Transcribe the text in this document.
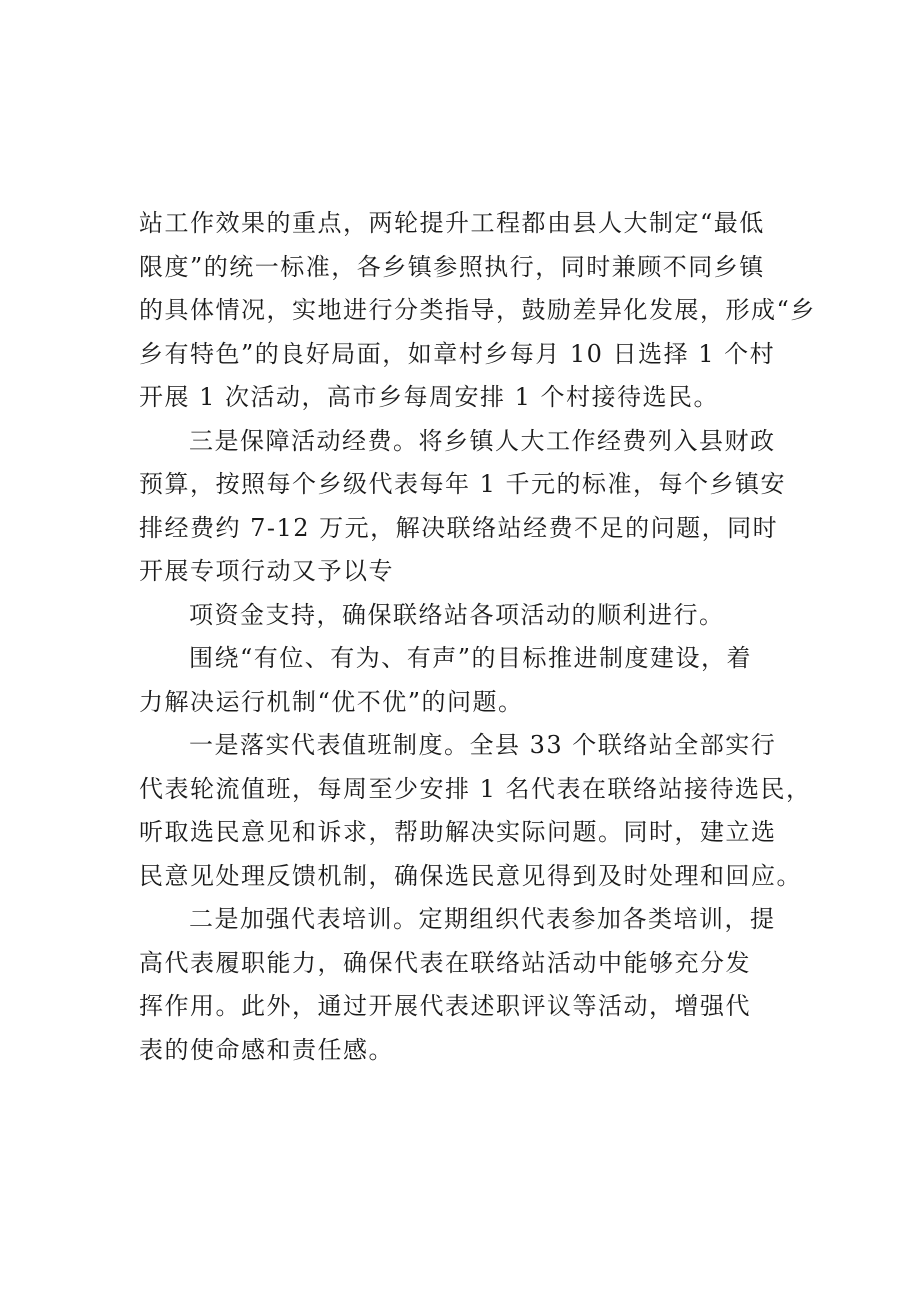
站工作效果的重点，两轮提升工程都由县人大制定“最低
限度”的统一标准，各乡镇参照执行，同时兼顾不同乡镇
的具体情况，实地进行分类指导，鼓励差异化发展，形成“乡
乡有特色”的良好局面，如章村乡每月 10 日选择 1 个村
开展 1 次活动，高市乡每周安排 1 个村接待选民。
三是保障活动经费。将乡镇人大工作经费列入县财政
预算，按照每个乡级代表每年 1 千元的标准，每个乡镇安
排经费约 7-12 万元，解决联络站经费不足的问题，同时
开展专项行动又予以专
项资金支持，确保联络站各项活动的顺利进行。
围绕“有位、有为、有声”的目标推进制度建设，着
力解决运行机制“优不优”的问题。
一是落实代表值班制度。全县 33 个联络站全部实行
代表轮流值班，每周至少安排 1 名代表在联络站接待选民，
听取选民意见和诉求，帮助解决实际问题。同时，建立选
民意见处理反馈机制，确保选民意见得到及时处理和回应。
二是加强代表培训。定期组织代表参加各类培训，提
高代表履职能力，确保代表在联络站活动中能够充分发
挥作用。此外，通过开展代表述职评议等活动，增强代
表的使命感和责任感。
